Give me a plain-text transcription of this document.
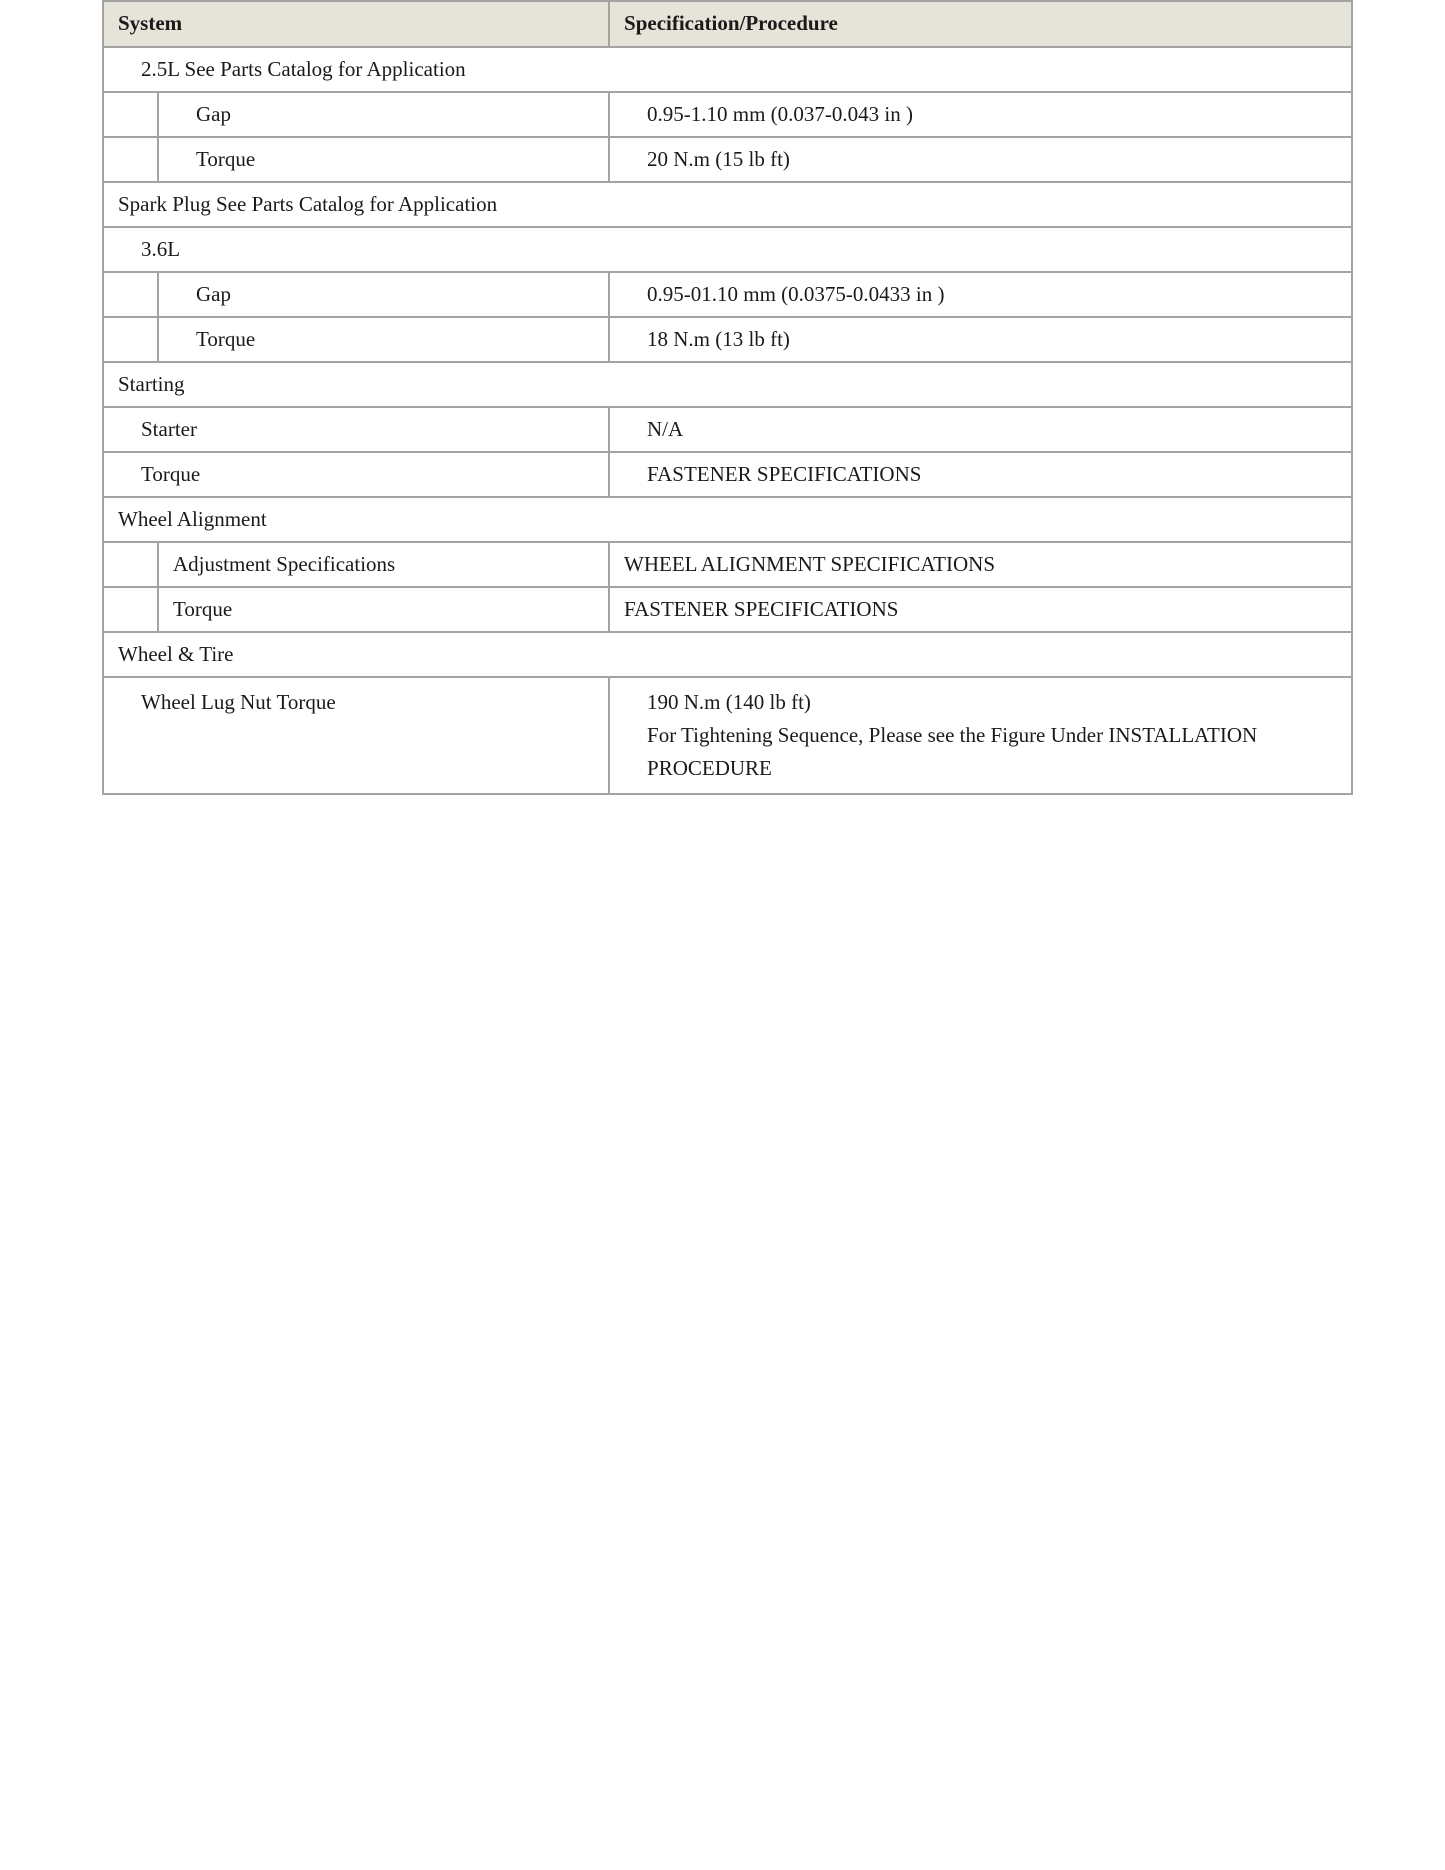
System		Specification/Procedure
2.5L See Parts Catalog for Application		
	Gap	0.95-1.10 mm (0.037-0.043 in )
	Torque	20 N.m (15 lb ft)
Spark Plug See Parts Catalog for Application		
3.6L		
	Gap	0.95-01.10 mm (0.0375-0.0433 in )
	Torque	18 N.m (13 lb ft)
Starting		
Starter		N/A
Torque		FASTENER SPECIFICATIONS
Wheel Alignment		
	Adjustment Specifications	WHEEL ALIGNMENT SPECIFICATIONS
	Torque	FASTENER SPECIFICATIONS
Wheel & Tire		
Wheel Lug Nut Torque		190 N.m (140 lb ft)

For Tightening Sequence, Please see the Figure Under INSTALLATION PROCEDURE
